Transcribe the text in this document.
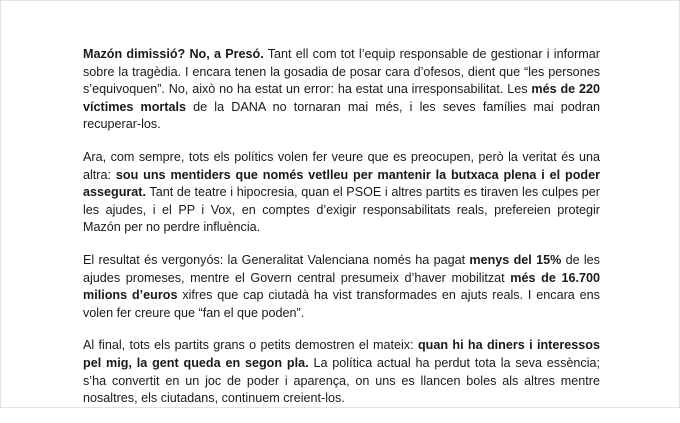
Mazón dimissió? No, a Presó. Tant ell com tot l’equip responsable de gestionar i informar sobre la tragèdia. I encara tenen la gosadia de posar cara d’ofesos, dient que “les persones s’equivoquen”. No, això no ha estat un error: ha estat una irresponsabilitat. Les més de 220 víctimes mortals de la DANA no tornaran mai més, i les seves famílies mai podran recuperar-los.

Ara, com sempre, tots els polítics volen fer veure que es preocupen, però la veritat és una altra: sou uns mentiders que només vetlleu per mantenir la butxaca plena i el poder assegurat. Tant de teatre i hipocresia, quan el PSOE i altres partits es tiraven les culpes per les ajudes, i el PP i Vox, en comptes d’exigir responsabilitats reals, prefereien protegir Mazón per no perdre influència.

El resultat és vergonyós: la Generalitat Valenciana només ha pagat menys del 15% de les ajudes promeses, mentre el Govern central presumeix d’haver mobilitzat més de 16.700 milions d’euros xifres que cap ciutadà ha vist transformades en ajuts reals. I encara ens volen fer creure que “fan el que poden”.

Al final, tots els partits grans o petits demostren el mateix: quan hi ha diners i interessos pel mig, la gent queda en segon pla. La política actual ha perdut tota la seva essència; s’ha convertit en un joc de poder i aparença, on uns es llancen boles als altres mentre nosaltres, els ciutadans, continuem creient-los.
